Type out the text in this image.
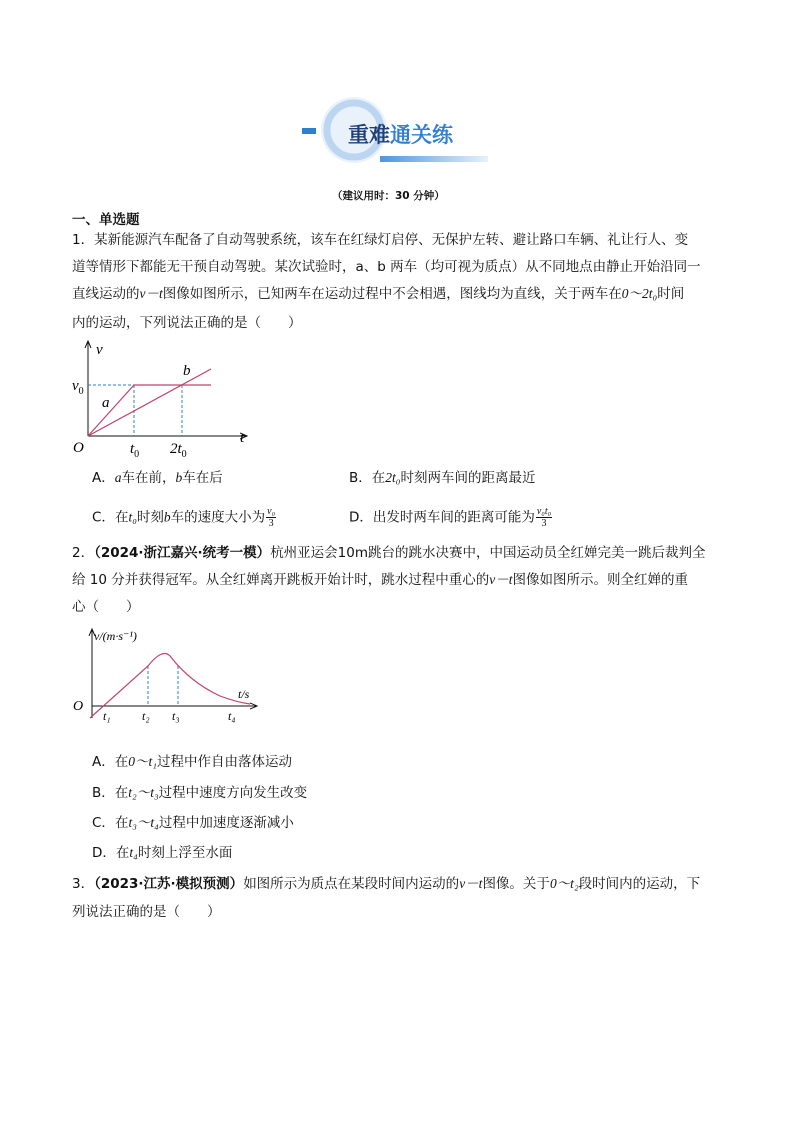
重难通关练
（建议用时：30 分钟）
一、单选题
1．某新能源汽车配备了自动驾驶系统，该车在红绿灯启停、无保护左转、避让路口车辆、礼让行人、变
道等情形下都能无干预自动驾驶。某次试验时，a、b 两车（均可视为质点）从不同地点由静止开始沿同一
直线运动的v－t图像如图所示，已知两车在运动过程中不会相遇，图线均为直线，关于两车在0～2t₀时间
内的运动，下列说法正确的是（　　）
v
t
O
$v_0$
a
b
$t_0$ $2t_0$
A．a车在前，b车在后	B．在2t₀时刻两车间的距离最近
C．在t₀时刻b车的速度大小为 $\frac{\text{v₀}}{3}$	D．出发时两车间的距离可能为 $\frac{\text{v₀t₀}}{3}$
2．（2024·浙江嘉兴·统考一模）杭州亚运会10m跳台的跳水决赛中，中国运动员全红婵完美一跳后裁判全
给 10 分并获得冠军。从全红婵离开跳板开始计时，跳水过程中重心的v－t图像如图所示。则全红婵的重
心（　　）
v/(m·s⁻¹)
t/s
O
t₁	t₂ t₃	t₄
A．在0～t₁过程中作自由落体运动
B．在t₂～t₃过程中速度方向发生改变
C．在t₃～t₄过程中加速度逐渐减小
D．在t₄时刻上浮至水面
3．（2023·江苏·模拟预测）如图所示为质点在某段时间内运动的v－t图像。关于0～t₂段时间内的运动，下
列说法正确的是（　　）
